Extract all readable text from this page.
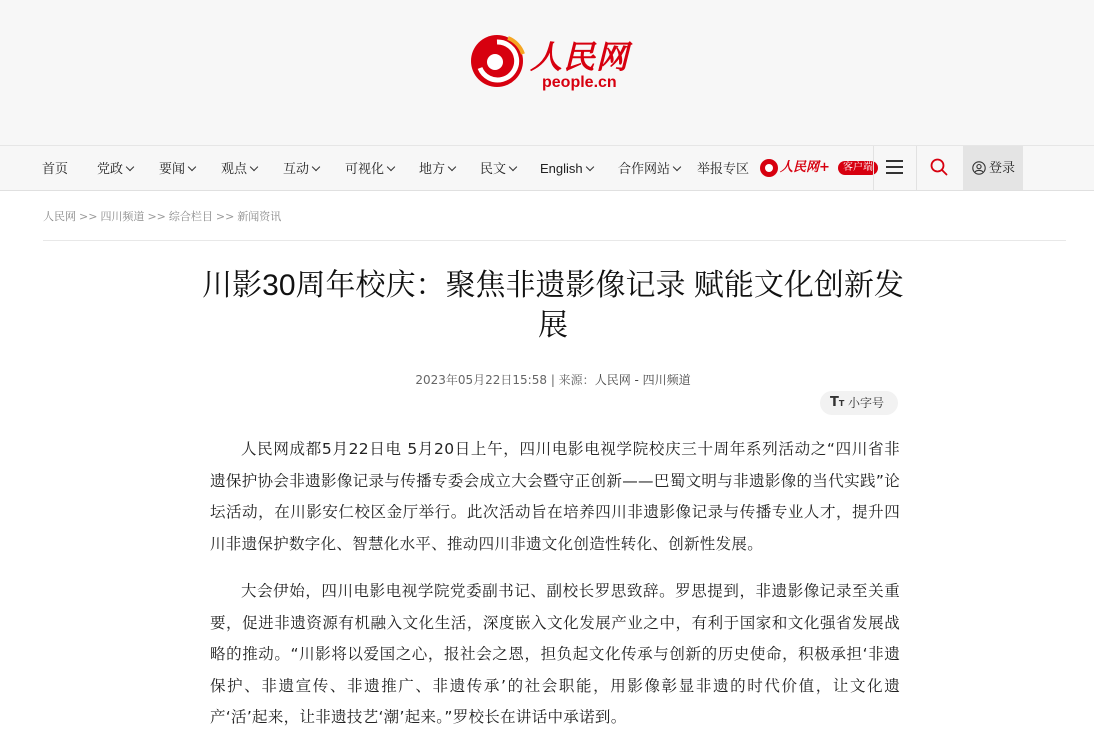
人民网
people.cn
首页 党政	要闻	观点	互动	可视化	地方	民文	English	合作网站	举报专区 人民网+	客户端	登录
人民网 >> 四川频道 >> 综合栏目 >> 新闻资讯
川影30周年校庆：聚焦非遗影像记录 赋能文化创新发展
2023年05月22日15:58 | 来源：人民网 - 四川频道
TT 小字号

人民网成都5月22日电 5月20日上午，四川电影电视学院校庆三十周年系列活动之“四川省非遗保护协会非遗影像记录与传播专委会成立大会暨守正创新——巴蜀文明与非遗影像的当代实践”论坛活动，在川影安仁校区金厅举行。此次活动旨在培养四川非遗影像记录与传播专业人才，提升四川非遗保护数字化、智慧化水平、推动四川非遗文化创造性转化、创新性发展。

大会伊始，四川电影电视学院党委副书记、副校长罗思致辞。罗思提到，非遗影像记录至关重要，促进非遗资源有机融入文化生活，深度嵌入文化发展产业之中，有利于国家和文化强省发展战略的推动。“川影将以爱国之心，报社会之恩，担负起文化传承与创新的历史使命，积极承担‘非遗保护、非遗宣传、非遗推广、非遗传承’的社会职能，用影像彰显非遗的时代价值，让文化遗产‘活’起来，让非遗技艺‘潮’起来。”罗校长在讲话中承诺到。
